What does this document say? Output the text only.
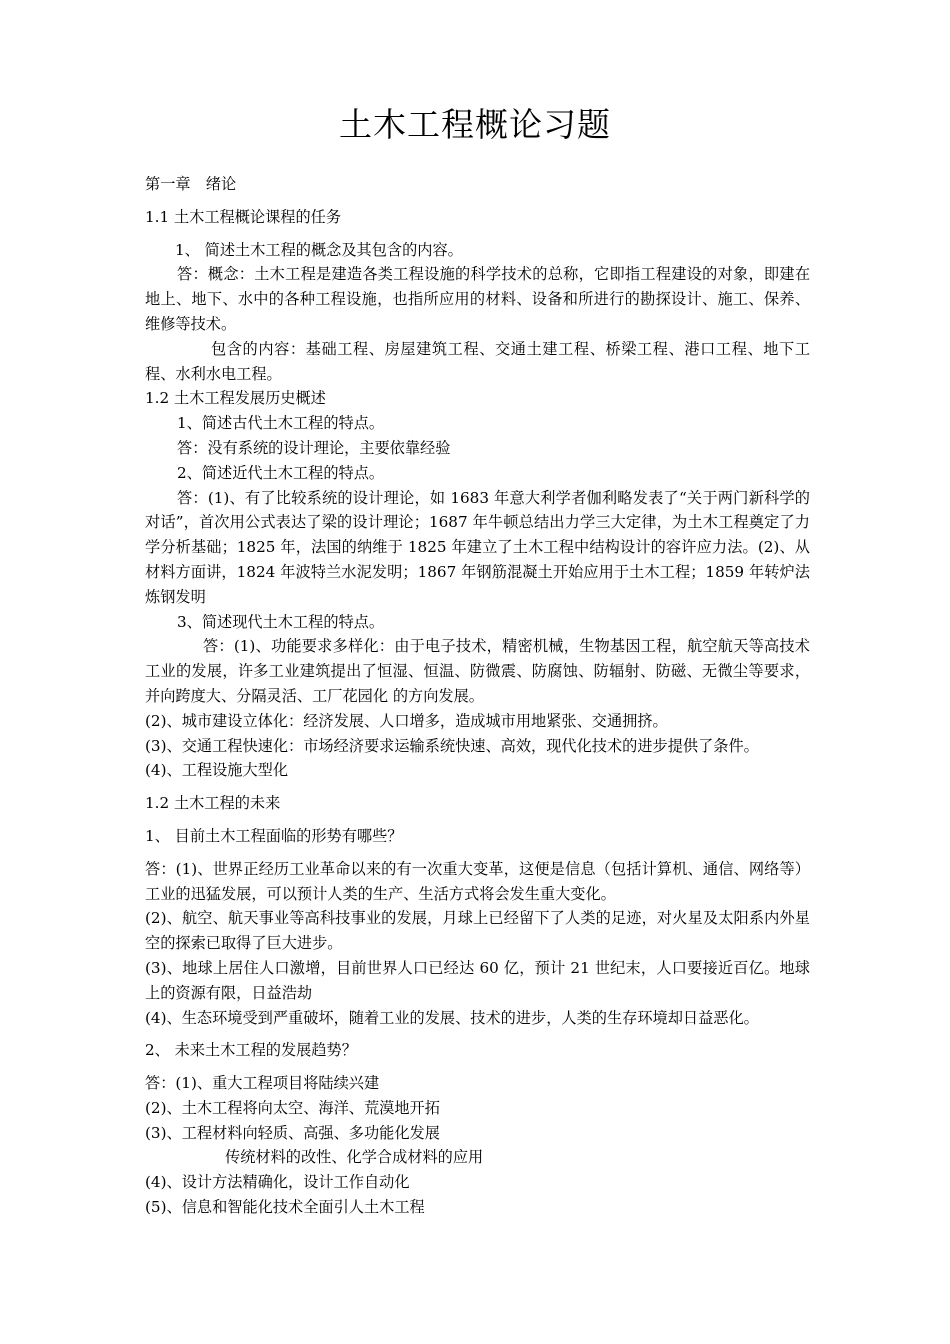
土木工程概论习题

第一章　绪论

1.1 土木工程概论课程的任务

1、 简述土木工程的概念及其包含的内容。

答：概念：土木工程是建造各类工程设施的科学技术的总称，它即指工程建设的对象，即建在地上、地下、水中的各种工程设施，也指所应用的材料、设备和所进行的勘探设计、施工、保养、维修等技术。

包含的内容：基础工程、房屋建筑工程、交通土建工程、桥梁工程、港口工程、地下工程、水利水电工程。

1.2 土木工程发展历史概述

1、简述古代土木工程的特点。

答：没有系统的设计理论，主要依靠经验

2、简述近代土木工程的特点。

答：(1)、有了比较系统的设计理论，如 1683 年意大利学者伽利略发表了“关于两门新科学的对话”，首次用公式表达了梁的设计理论；1687 年牛顿总结出力学三大定律，为土木工程奠定了力学分析基础；1825 年，法国的纳维于 1825 年建立了土木工程中结构设计的容许应力法。(2)、从材料方面讲，1824 年波特兰水泥发明；1867 年钢筋混凝土开始应用于土木工程；1859 年转炉法炼钢发明

3、简述现代土木工程的特点。

答：(1)、功能要求多样化：由于电子技术，精密机械，生物基因工程，航空航天等高技术工业的发展，许多工业建筑提出了恒湿、恒温、防微震、防腐蚀、防辐射、防磁、无微尘等要求，并向跨度大、分隔灵活、工厂花园化 的方向发展。

(2)、城市建设立体化：经济发展、人口增多，造成城市用地紧张、交通拥挤。

(3)、交通工程快速化：市场经济要求运输系统快速、高效，现代化技术的进步提供了条件。

(4)、工程设施大型化

1.2 土木工程的未来

1、 目前土木工程面临的形势有哪些？

答：(1)、世界正经历工业革命以来的有一次重大变革，这便是信息（包括计算机、通信、网络等）工业的迅猛发展，可以预计人类的生产、生活方式将会发生重大变化。

(2)、航空、航天事业等高科技事业的发展，月球上已经留下了人类的足迹，对火星及太阳系内外星空的探索已取得了巨大进步。

(3)、地球上居住人口激增，目前世界人口已经达 60 亿，预计 21 世纪末，人口要接近百亿。地球上的资源有限，日益浩劫

(4)、生态环境受到严重破坏，随着工业的发展、技术的进步，人类的生存环境却日益恶化。

2、 未来土木工程的发展趋势？

答：(1)、重大工程项目将陆续兴建

(2)、土木工程将向太空、海洋、荒漠地开拓

(3)、工程材料向轻质、高强、多功能化发展

传统材料的改性、化学合成材料的应用

(4)、设计方法精确化，设计工作自动化

(5)、信息和智能化技术全面引人土木工程
